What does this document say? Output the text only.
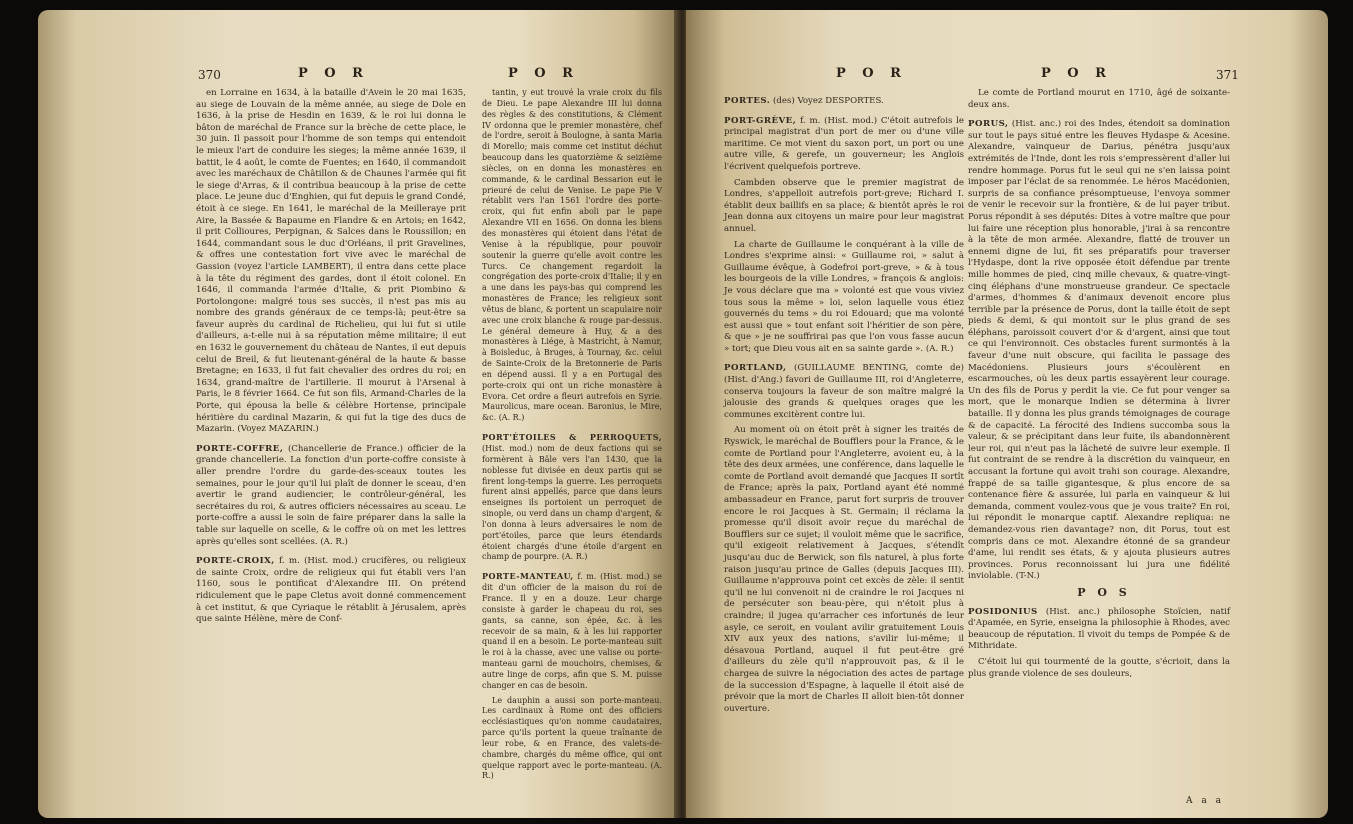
370	P O R	P O R

en Lorraine en 1634, à la bataille d'Avein le 20 mai 1635, au siege de Louvain de la même année, au siege de Dole en 1636, à la prise de Hesdin en 1639, & le roi lui donna le bâton de maréchal de France sur la brèche de cette place, le 30 juin. Il passoit pour l'homme de son temps qui entendoit le mieux l'art de conduire les sieges; la même année 1639, il battit, le 4 août, le comte de Fuentes; en 1640, il commandoit avec les maréchaux de Châtillon & de Chaunes l'armée qui fit le siege d'Arras, & il contribua beaucoup à la prise de cette place. Le jeune duc d'Enghien, qui fut depuis le grand Condé, étoit à ce siege. En 1641, le maréchal de la Meilleraye prit Aire, la Bassée & Bapaume en Flandre & en Artois; en 1642, il prit Collioures, Perpignan, & Salces dans le Roussillon; en 1644, commandant sous le duc d'Orléans, il prit Gravelines, & offres une contestation fort vive avec le maréchal de Gassion (voyez l'article LAMBERT), il entra dans cette place à la tête du régiment des gardes, dont il étoit colonel. En 1646, il commanda l'armée d'Italie, & prit Piombino & Portolongone: malgré tous ses succès, il n'est pas mis au nombre des grands généraux de ce temps-là; peut-être sa faveur auprès du cardinal de Richelieu, qui lui fut si utile d'ailleurs, a-t-elle nui à sa réputation même militaire; il eut en 1632 le gouvernement du château de Nantes, il eut depuis celui de Breil, & fut lieutenant-général de la haute & basse Bretagne; en 1633, il fut fait chevalier des ordres du roi; en 1634, grand-maître de l'artillerie. Il mourut à l'Arsenal à Paris, le 8 février 1664. Ce fut son fils, Armand-Charles de la Porte, qui épousa la belle & célèbre Hortense, principale héritière du cardinal Mazarin, & qui fut la tige des ducs de Mazarin. (Voyez MAZARIN.)

PORTE-COFFRE, (Chancellerie de France.) officier de la grande chancellerie. La fonction d'un porte-coffre consiste à aller prendre l'ordre du garde-des-sceaux toutes les semaines, pour le jour qu'il lui plaît de donner le sceau, d'en avertir le grand audiencier, le contrôleur-général, les secrétaires du roi, & autres officiers nécessaires au sceau. Le porte-coffre a aussi le soin de faire préparer dans la salle la table sur laquelle on scelle, & le coffre où on met les lettres après qu'elles sont scellées. (A. R.)

PORTE-CROIX, f. m. (Hist. mod.) crucifères, ou religieux de sainte Croix, ordre de religieux qui fut établi vers l'an 1160, sous le pontificat d'Alexandre III. On prétend ridiculement que le pape Cletus avoit donné commencement à cet institut, & que Cyriaque le rétablit à Jérusalem, après que sainte Hélène, mère de Conf-

tantin, y eut trouvé la vraie croix du fils de Dieu. Le pape Alexandre III lui donna des règles & des constitutions, & Clément IV ordonna que le premier monastère, chef de l'ordre, seroit à Boulogne, à santa Maria di Morello; mais comme cet institut déchut beaucoup dans les quatorzième & seizième siècles, on en donna les monastères en commande, & le cardinal Bessarion eut le prieuré de celui de Venise. Le pape Pie V rétablit vers l'an 1561 l'ordre des porte-croix, qui fut enfin aboli par le pape Alexandre VII en 1656. On donna les biens des monastères qui étoient dans l'état de Venise à la république, pour pouvoir soutenir la guerre qu'elle avoit contre les Turcs. Ce changement regardoit la congrégation des porte-croix d'Italie; il y en a une dans les pays-bas qui comprend les monastères de France; les religieux sont vêtus de blanc, & portent un scapulaire noir avec une croix blanche & rouge par-dessus. Le général demeure à Huy, & a des monastères à Liége, à Mastricht, à Namur, à Boisleduc, à Bruges, à Tournay, &c. celui de Sainte-Croix de la Bretonnerie de Paris en dépend aussi. Il y a en Portugal des porte-croix qui ont un riche monastère à Evora. Cet ordre a fleuri autrefois en Syrie. Maurolicus, mare ocean. Baronius, le Mire, &c. (A. R.)

PORT'ÉTOILES & PERROQUETS, (Hist. mod.) nom de deux factions qui se formèrent à Bâle vers l'an 1430, que la noblesse fut divisée en deux partis qui se firent long-temps la guerre. Les perroquets furent ainsi appellés, parce que dans leurs enseignes ils portoient un perroquet de sinople, ou verd dans un champ d'argent, & l'on donna à leurs adversaires le nom de port'étoiles, parce que leurs étendards étoient chargés d'une étoile d'argent en champ de pourpre. (A. R.)

PORTE-MANTEAU, f. m. (Hist. mod.) se dit d'un officier de la maison du roi de France. Il y en a douze. Leur charge consiste à garder le chapeau du roi, ses gants, sa canne, son épée, &c. à les recevoir de sa main, & à les lui rapporter quand il en a besoin. Le porte-manteau suit le roi à la chasse, avec une valise ou porte-manteau garni de mouchoirs, chemises, & autre linge de corps, afin que S. M. puisse changer en cas de besoin.

Le dauphin a aussi son porte-manteau. Les cardinaux à Rome ont des officiers ecclésiastiques qu'on nomme caudataires, parce qu'ils portent la queue traînante de leur robe, & en France, des valets-de-chambre, chargés du même office, qui ont quelque rapport avec le porte-manteau. (A. R.)

P O R	P O R	371

PORTES. (des) Voyez DESPORTES.

PORT-GRÈVE, f. m. (Hist. mod.) C'étoit autrefois le principal magistrat d'un port de mer ou d'une ville maritime. Ce mot vient du saxon port, un port ou une autre ville, & gerefe, un gouverneur; les Anglois l'écrivent quelquefois portreve.

Cambden observe que le premier magistrat de Londres, s'appelloit autrefois port-greve; Richard I. établit deux baillifs en sa place; & bientôt après le roi Jean donna aux citoyens un maire pour leur magistrat annuel.

La charte de Guillaume le conquérant à la ville de Londres s'exprime ainsi: « Guillaume roi, » salut à Guillaume évêque, à Godefroi port-greve, » & à tous les bourgeois de la ville Londres, » françois & anglois: Je vous déclare que ma » volonté est que vous viviez tous sous la même » loi, selon laquelle vous étiez gouvernés du tems » du roi Edouard; que ma volonté est aussi que » tout enfant soit l'héritier de son père, & que » je ne souffrirai pas que l'on vous fasse aucun » tort; que Dieu vous ait en sa sainte garde ». (A. R.)

PORTLAND, (GUILLAUME BENTING, comte de) (Hist. d'Ang.) favori de Guillaume III, roi d'Angleterre, conserva toujours la faveur de son maître malgré la jalousie des grands & quelques orages que les communes excitèrent contre lui.

Au moment où on étoit prêt à signer les traités de Ryswick, le maréchal de Boufflers pour la France, & le comte de Portland pour l'Angleterre, avoient eu, à la tête des deux armées, une conférence, dans laquelle le comte de Portland avoit demandé que Jacques II sortît de France; après la paix, Portland ayant été nommé ambassadeur en France, parut fort surpris de trouver encore le roi Jacques à St. Germain; il réclama la promesse qu'il disoit avoir reçue du maréchal de Boufflers sur ce sujet; il vouloit même que le sacrifice, qu'il exigeoit relativement à Jacques, s'étendît jusqu'au duc de Berwick, son fils naturel, à plus forte raison jusqu'au prince de Galles (depuis Jacques III). Guillaume n'approuva point cet excès de zèle: il sentit qu'il ne lui convenoit ni de craindre le roi Jacques ni de persécuter son beau-père, qui n'étoit plus à craindre; il jugea qu'arracher ces infortunés de leur asyle, ce seroit, en voulant avilir gratuitement Louis XIV aux yeux des nations, s'avilir lui-même; il désavoua Portland, auquel il fut peut-être gré d'ailleurs du zèle qu'il n'approuvoit pas, & il le chargea de suivre la négociation des actes de partage de la succession d'Espagne, à laquelle il étoit aisé de prévoir que la mort de Charles II alloit bien-tôt donner ouverture.

Le comte de Portland mourut en 1710, âgé de soixante-deux ans.

PORUS, (Hist. anc.) roi des Indes, étendoit sa domination sur tout le pays situé entre les fleuves Hydaspe & Acesine. Alexandre, vainqueur de Darius, pénétra jusqu'aux extrémités de l'Inde, dont les rois s'empressèrent d'aller lui rendre hommage. Porus fut le seul qui ne s'en laissa point imposer par l'éclat de sa renommée. Le héros Macédonien, surpris de sa confiance présomptueuse, l'envoya sommer de venir le recevoir sur la frontière, & de lui payer tribut. Porus répondit à ses députés: Dites à votre maître que pour lui faire une réception plus honorable, j'irai à sa rencontre à la tête de mon armée. Alexandre, flatté de trouver un ennemi digne de lui, fit ses préparatifs pour traverser l'Hydaspe, dont la rive opposée étoit défendue par trente mille hommes de pied, cinq mille chevaux, & quatre-vingt-cinq éléphans d'une monstrueuse grandeur. Ce spectacle d'armes, d'hommes & d'animaux devenoit encore plus terrible par la présence de Porus, dont la taille étoit de sept pieds & demi, & qui montoit sur le plus grand de ses éléphans, paroissoit couvert d'or & d'argent, ainsi que tout ce qui l'environnoit. Ces obstacles furent surmontés à la faveur d'une nuit obscure, qui facilita le passage des Macédoniens. Plusieurs jours s'écoulèrent en escarmouches, où les deux partis essayèrent leur courage. Un des fils de Porus y perdit la vie. Ce fut pour venger sa mort, que le monarque Indien se détermina à livrer bataille. Il y donna les plus grands témoignages de courage & de capacité. La férocité des Indiens succomba sous la valeur, & se précipitant dans leur fuite, ils abandonnèrent leur roi, qui n'eut pas la lâcheté de suivre leur exemple. Il fut contraint de se rendre à la discrétion du vainqueur, en accusant la fortune qui avoit trahi son courage. Alexandre, frappé de sa taille gigantesque, & plus encore de sa contenance fière & assurée, lui parla en vainqueur & lui demanda, comment voulez-vous que je vous traite? En roi, lui répondit le monarque captif. Alexandre repliqua: ne demandez-vous rien davantage? non, dit Porus, tout est compris dans ce mot. Alexandre étonné de sa grandeur d'ame, lui rendit ses états, & y ajouta plusieurs autres provinces. Porus reconnoissant lui jura une fidélité inviolable. (T-N.)

P O S

POSIDONIUS (Hist. anc.) philosophe Stoïcien, natif d'Apamée, en Syrie, enseigna la philosophie à Rhodes, avec beaucoup de réputation. Il vivoit du temps de Pompée & de Mithridate.

C'étoit lui qui tourmenté de la goutte, s'écrioit, dans la plus grande violence de ses douleurs,

A a a
